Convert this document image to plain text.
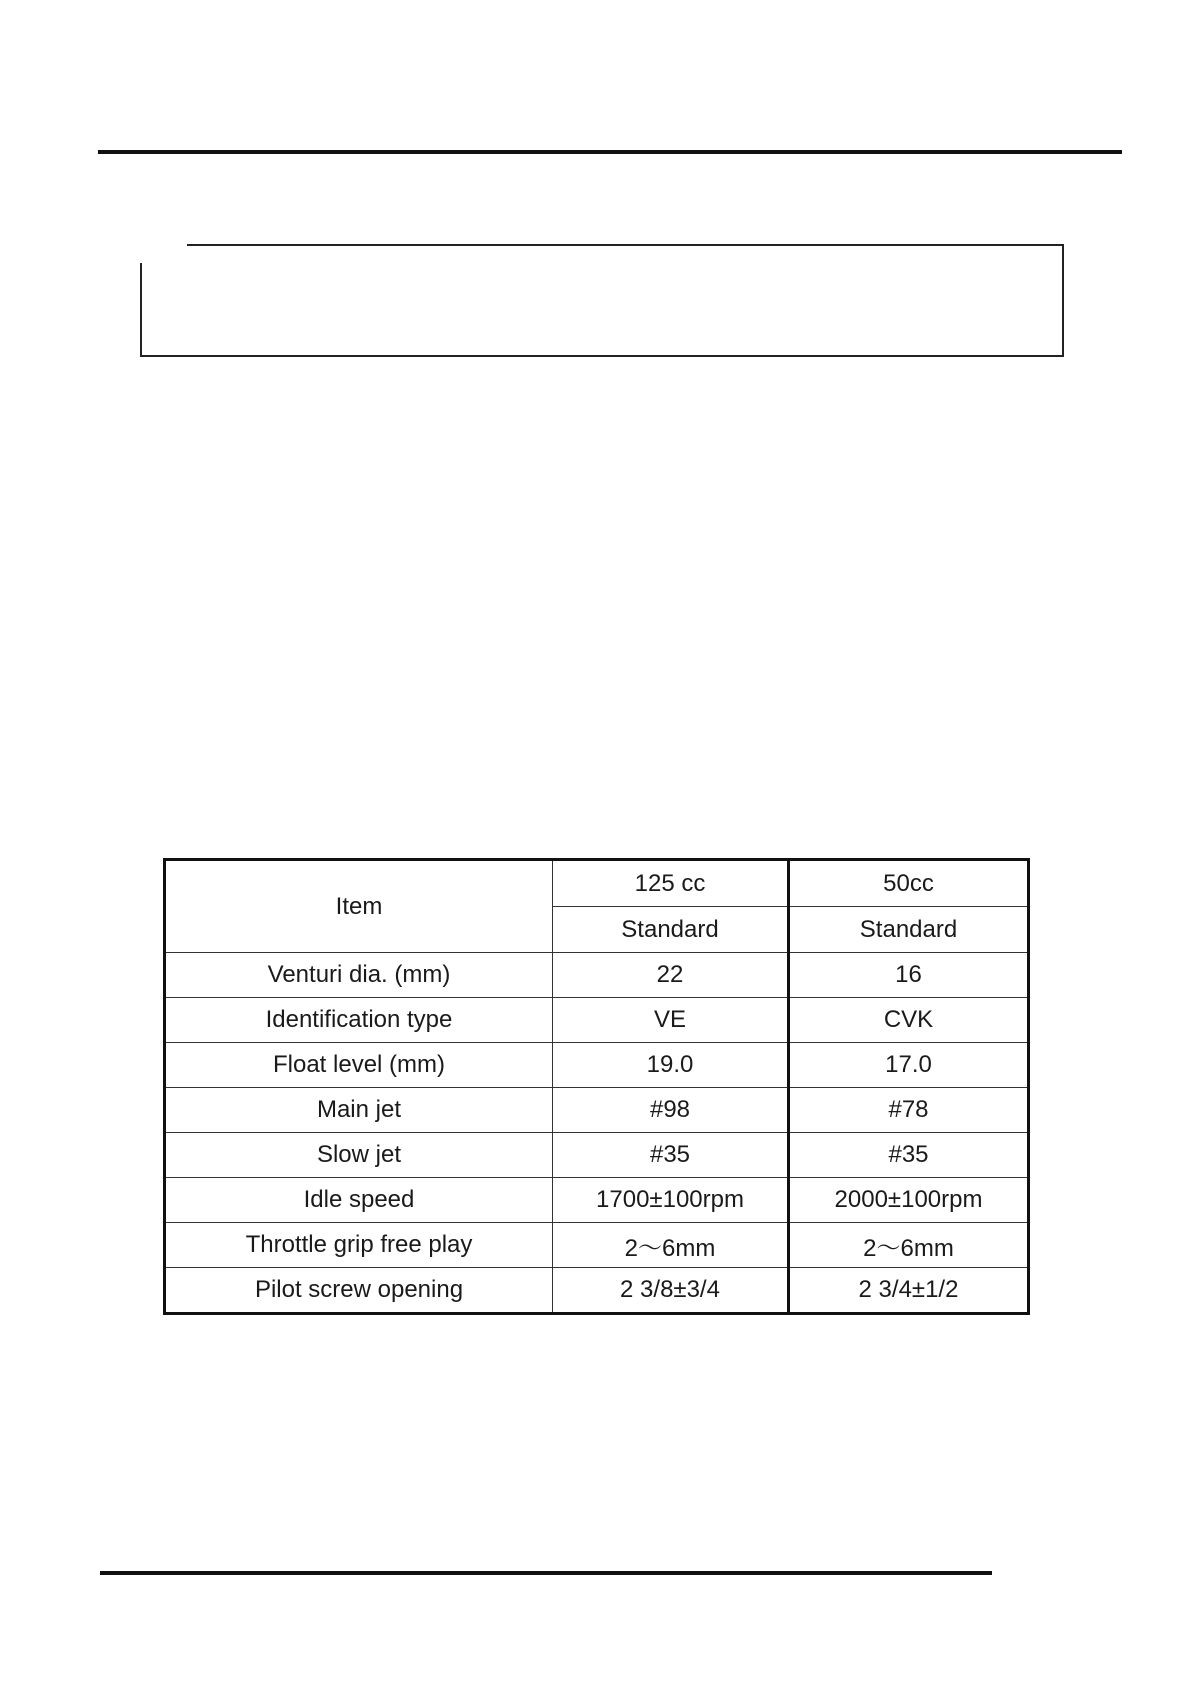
Item	125 cc	50cc
	Standard	Standard
Venturi dia. (mm)	22	16
Identification type	VE	CVK
Float level (mm)	19.0	17.0
Main jet	#98	#78
Slow jet	#35	#35
Idle speed	1700±100rpm	2000±100rpm
Throttle grip free play	2～6mm	2～6mm
Pilot screw opening	2 3/8±3/4	2 3/4±1/2
